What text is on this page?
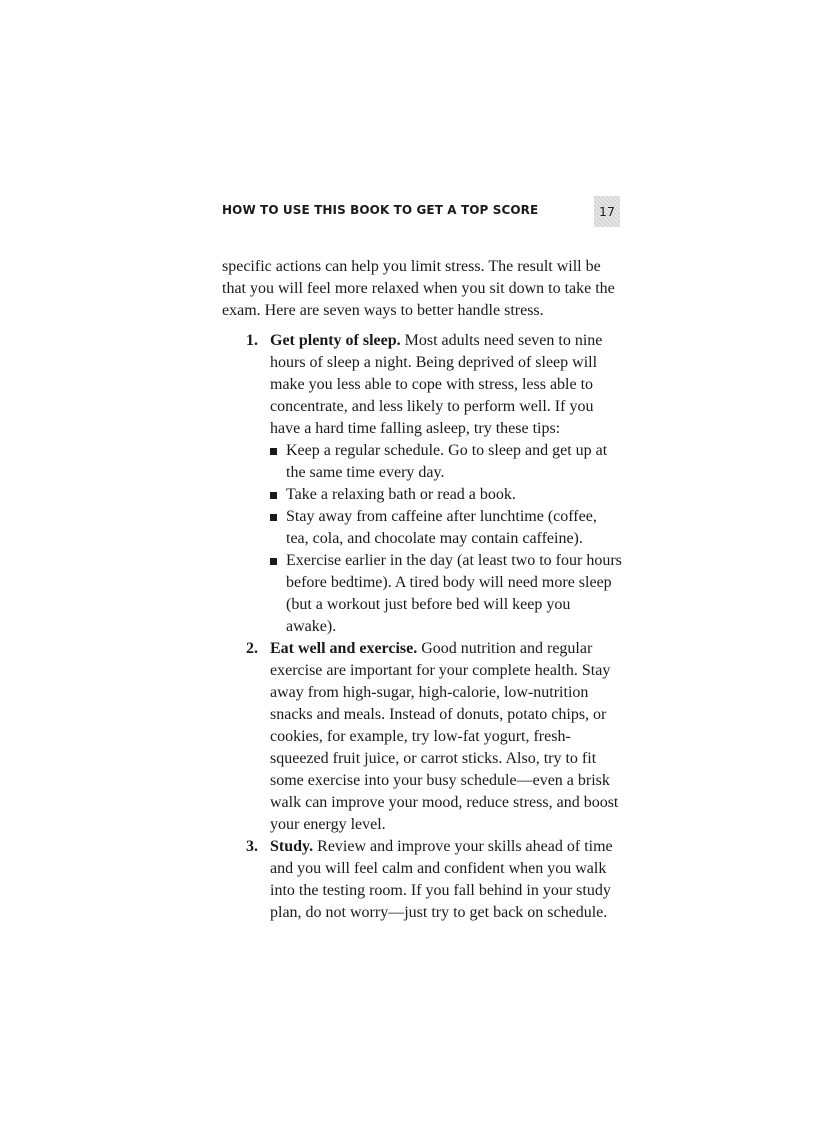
HOW TO USE THIS BOOK TO GET A TOP SCORE	17

specific actions can help you limit stress. The result will be that you will feel more relaxed when you sit down to take the exam. Here are seven ways to better handle stress.

1. Get plenty of sleep. Most adults need seven to nine hours of sleep a night. Being deprived of sleep will make you less able to cope with stress, less able to concentrate, and less likely to perform well. If you have a hard time falling asleep, try these tips:
Keep a regular schedule. Go to sleep and get up at the same time every day.
Take a relaxing bath or read a book.
Stay away from caffeine after lunchtime (coffee, tea, cola, and chocolate may contain caffeine).
Exercise earlier in the day (at least two to four hours before bedtime). A tired body will need more sleep (but a workout just before bed will keep you awake).
2. Eat well and exercise. Good nutrition and regular exercise are important for your complete health. Stay away from high-sugar, high-calorie, low-nutrition snacks and meals. Instead of donuts, potato chips, or cookies, for example, try low-fat yogurt, fresh-squeezed fruit juice, or carrot sticks. Also, try to fit some exercise into your busy schedule—even a brisk walk can improve your mood, reduce stress, and boost your energy level.
3. Study. Review and improve your skills ahead of time and you will feel calm and confident when you walk into the testing room. If you fall behind in your study plan, do not worry—just try to get back on schedule.
